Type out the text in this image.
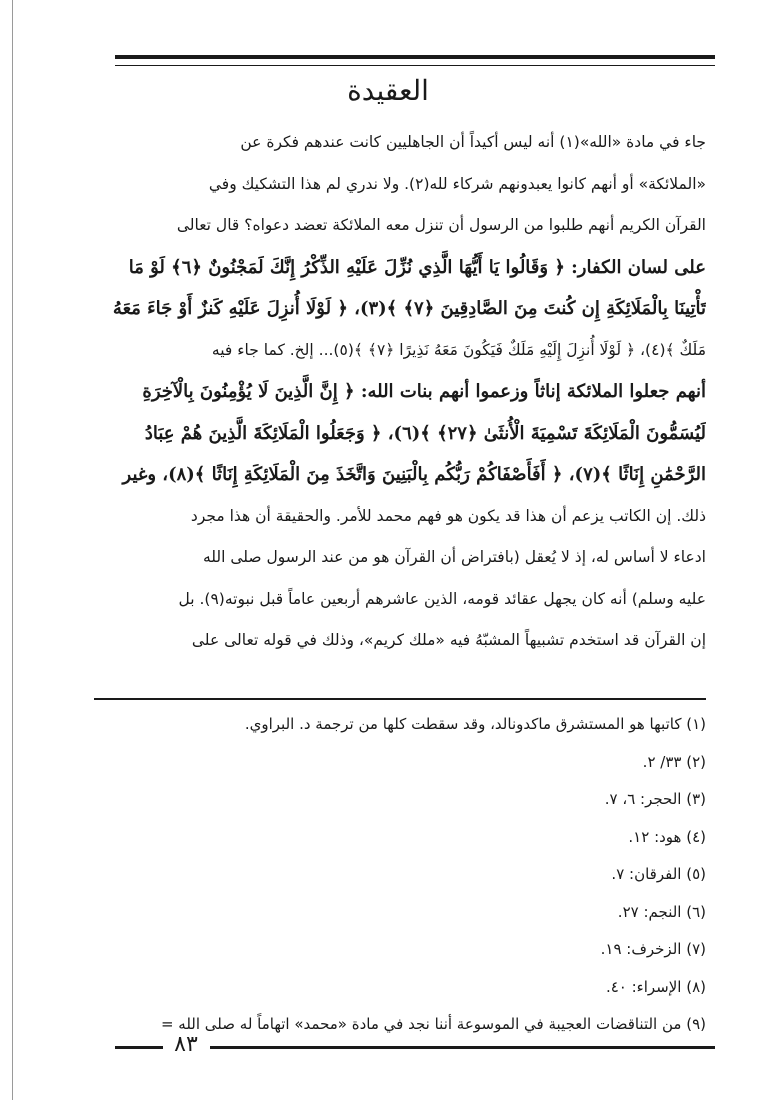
العقيدة
جاء في مادة «الله»(١) أنه ليس أكيداً أن الجاهليين كانت عندهم فكرة عن
«الملائكة» أو أنهم كانوا يعبدونهم شركاء لله(٢). ولا ندري لم هذا التشكيك وفي
القرآن الكريم أنهم طلبوا من الرسول أن تنزل معه الملائكة تعضد دعواه؟ قال تعالى
على لسان الكفار: ﴿ وَقَالُوا يَا أَيُّهَا الَّذِي نُزِّلَ عَلَيْهِ الذِّكْرُ إِنَّكَ لَمَجْنُونٌ ﴿٦﴾ لَوْ مَا
تَأْتِينَا بِالْمَلَائِكَةِ إِن كُنتَ مِنَ الصَّادِقِينَ ﴿٧﴾ ﴾(٣)، ﴿ لَوْلَا أُنزِلَ عَلَيْهِ كَنزٌ أَوْ جَاءَ مَعَهُ
مَلَكٌ ﴾(٤)، ﴿ لَوْلَا أُنزِلَ إِلَيْهِ مَلَكٌ فَيَكُونَ مَعَهُ نَذِيرًا ﴿٧﴾ ﴾(٥)... إلخ. كما جاء فيه
أنهم جعلوا الملائكة إناثاً وزعموا أنهم بنات الله: ﴿ إِنَّ الَّذِينَ لَا يُؤْمِنُونَ بِالْآخِرَةِ
لَيُسَمُّونَ الْمَلَائِكَةَ تَسْمِيَةَ الْأُنثَىٰ ﴿٢٧﴾ ﴾(٦)، ﴿ وَجَعَلُوا الْمَلَائِكَةَ الَّذِينَ هُمْ عِبَادُ
الرَّحْمَٰنِ إِنَاثًا ﴾(٧)، ﴿ أَفَأَصْفَاكُمْ رَبُّكُم بِالْبَنِينَ وَاتَّخَذَ مِنَ الْمَلَائِكَةِ إِنَاثًا ﴾(٨)، وغير
ذلك. إن الكاتب يزعم أن هذا قد يكون هو فهم محمد للأمر. والحقيقة أن هذا مجرد
ادعاء لا أساس له، إذ لا يُعقل (بافتراض أن القرآن هو من عند الرسول صلى الله
عليه وسلم) أنه كان يجهل عقائد قومه، الذين عاشرهم أربعين عاماً قبل نبوته(٩). بل
إن القرآن قد استخدم تشبيهاً المشبّهُ فيه «ملك كريم»، وذلك في قوله تعالى على
(١) كاتبها هو المستشرق ماكدونالد، وقد سقطت كلها من ترجمة د. البراوي.
(٢) ٣٣/ ٢.
(٣) الحجر: ٦، ٧.
(٤) هود: ١٢.
(٥) الفرقان: ٧.
(٦) النجم: ٢٧.
(٧) الزخرف: ١٩.
(٨) الإسراء: ٤٠.
(٩) من التناقضات العجيبة في الموسوعة أننا نجد في مادة «محمد» اتهاماً له صلى الله =
٨٣
